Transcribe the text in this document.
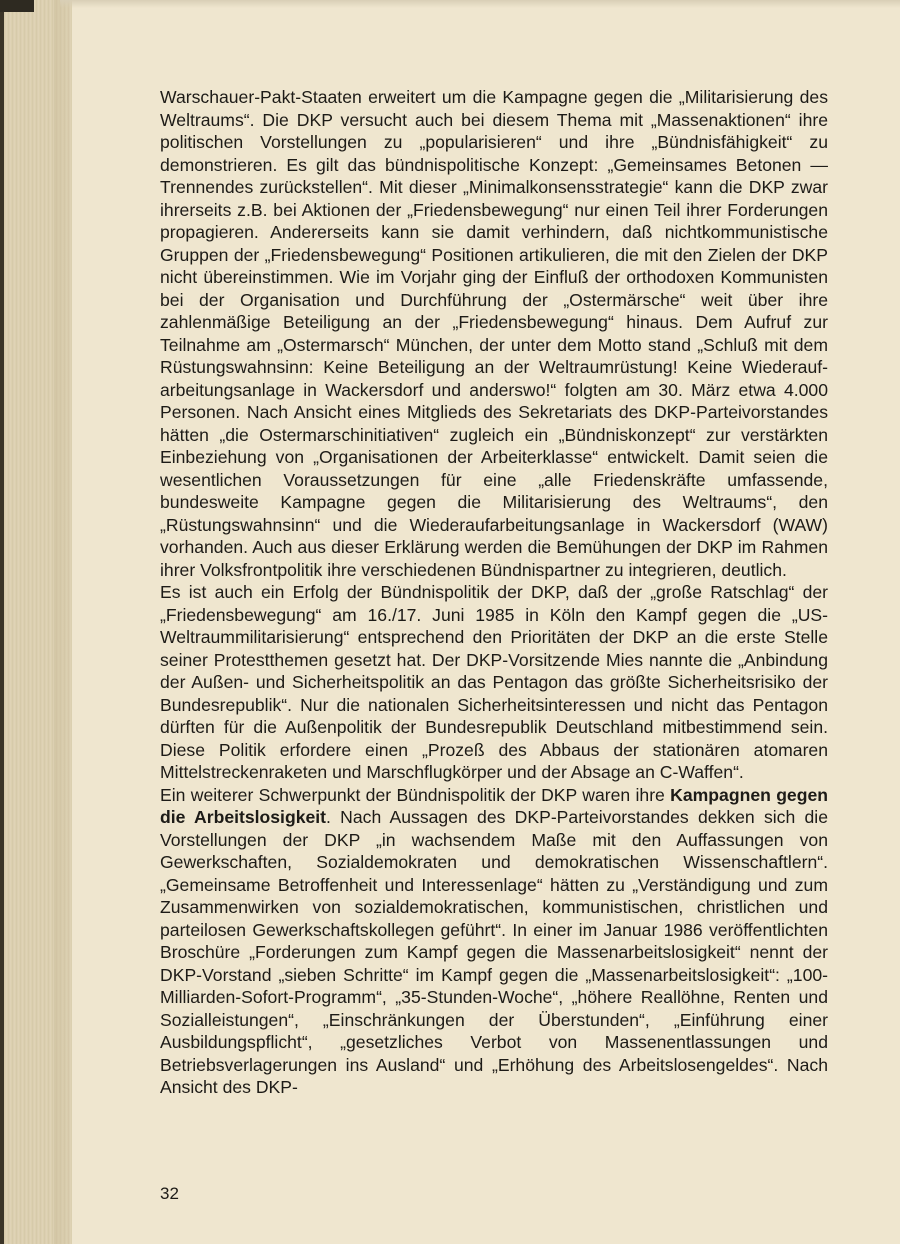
Warschauer-Pakt-Staaten erweitert um die Kampagne gegen die „Militarisierung des Weltraums“. Die DKP versucht auch bei diesem Thema mit „Massenaktionen“ ihre politischen Vorstellungen zu „popularisieren“ und ihre „Bündnisfähigkeit“ zu demonstrieren. Es gilt das bündnispolitische Konzept: „Gemeinsames Betonen — Trennendes zurückstellen“. Mit dieser „Minimalkonsensstrategie“ kann die DKP zwar ihrerseits z.B. bei Aktionen der „Friedensbewegung“ nur einen Teil ihrer Forderungen propagieren. Andererseits kann sie damit verhindern, daß nichtkommunistische Gruppen der „Friedensbewegung“ Positionen artikulieren, die mit den Zielen der DKP nicht übereinstimmen. Wie im Vorjahr ging der Einfluß der orthodoxen Kommunisten bei der Organisation und Durchführung der „Ostermärsche“ weit über ihre zahlenmäßige Beteiligung an der „Friedensbewegung“ hinaus. Dem Aufruf zur Teilnahme am „Ostermarsch“ München, der unter dem Motto stand „Schluß mit dem Rüstungswahnsinn: Keine Beteiligung an der Weltraumrüstung! Keine Wiederaufarbeitungsanlage in Wackersdorf und anderswo!“ folgten am 30. März etwa 4.000 Personen. Nach Ansicht eines Mitglieds des Sekretariats des DKP-Parteivorstandes hätten „die Ostermarschinitiativen“ zugleich ein „Bündniskonzept“ zur verstärkten Einbeziehung von „Organisationen der Arbeiterklasse“ entwickelt. Damit seien die wesentlichen Voraussetzungen für eine „alle Friedenskräfte umfassende, bundesweite Kampagne gegen die Militarisierung des Weltraums“, den „Rüstungswahnsinn“ und die Wiederaufarbeitungsanlage in Wackersdorf (WAW) vorhanden. Auch aus dieser Erklärung werden die Bemühungen der DKP im Rahmen ihrer Volksfrontpolitik ihre verschiedenen Bündnispartner zu integrieren, deutlich.

Es ist auch ein Erfolg der Bündnispolitik der DKP, daß der „große Ratschlag“ der „Friedensbewegung“ am 16./17. Juni 1985 in Köln den Kampf gegen die „US-Weltraummilitarisierung“ entsprechend den Prioritäten der DKP an die erste Stelle seiner Protestthemen gesetzt hat. Der DKP-Vorsitzende Mies nannte die „Anbindung der Außen- und Sicherheitspolitik an das Pentagon das größte Sicherheitsrisiko der Bundesrepublik“. Nur die nationalen Sicherheitsinteressen und nicht das Pentagon dürften für die Außenpolitik der Bundesrepublik Deutschland mitbestimmend sein. Diese Politik erfordere einen „Prozeß des Abbaus der stationären atomaren Mittelstreckenraketen und Marschflugkörper und der Absage an C-Waffen“.

Ein weiterer Schwerpunkt der Bündnispolitik der DKP waren ihre Kampagnen gegen die Arbeitslosigkeit. Nach Aussagen des DKP-Parteivorstandes dekken sich die Vorstellungen der DKP „in wachsendem Maße mit den Auffassungen von Gewerkschaften, Sozialdemokraten und demokratischen Wissenschaftlern“. „Gemeinsame Betroffenheit und Interessenlage“ hätten zu „Verständigung und zum Zusammenwirken von sozialdemokratischen, kommunistischen, christlichen und parteilosen Gewerkschaftskollegen geführt“. In einer im Januar 1986 veröffentlichten Broschüre „Forderungen zum Kampf gegen die Massenarbeitslosigkeit“ nennt der DKP-Vorstand „sieben Schritte“ im Kampf gegen die „Massenarbeitslosigkeit“: „100-Milliarden-Sofort-Programm“, „35-Stunden-Woche“, „höhere Reallöhne, Renten und Sozialleistungen“, „Einschränkungen der Überstunden“, „Einführung einer Ausbildungspflicht“, „gesetzliches Verbot von Massenentlassungen und Betriebsverlagerungen ins Ausland“ und „Erhöhung des Arbeitslosengeldes“. Nach Ansicht des DKP-

32
